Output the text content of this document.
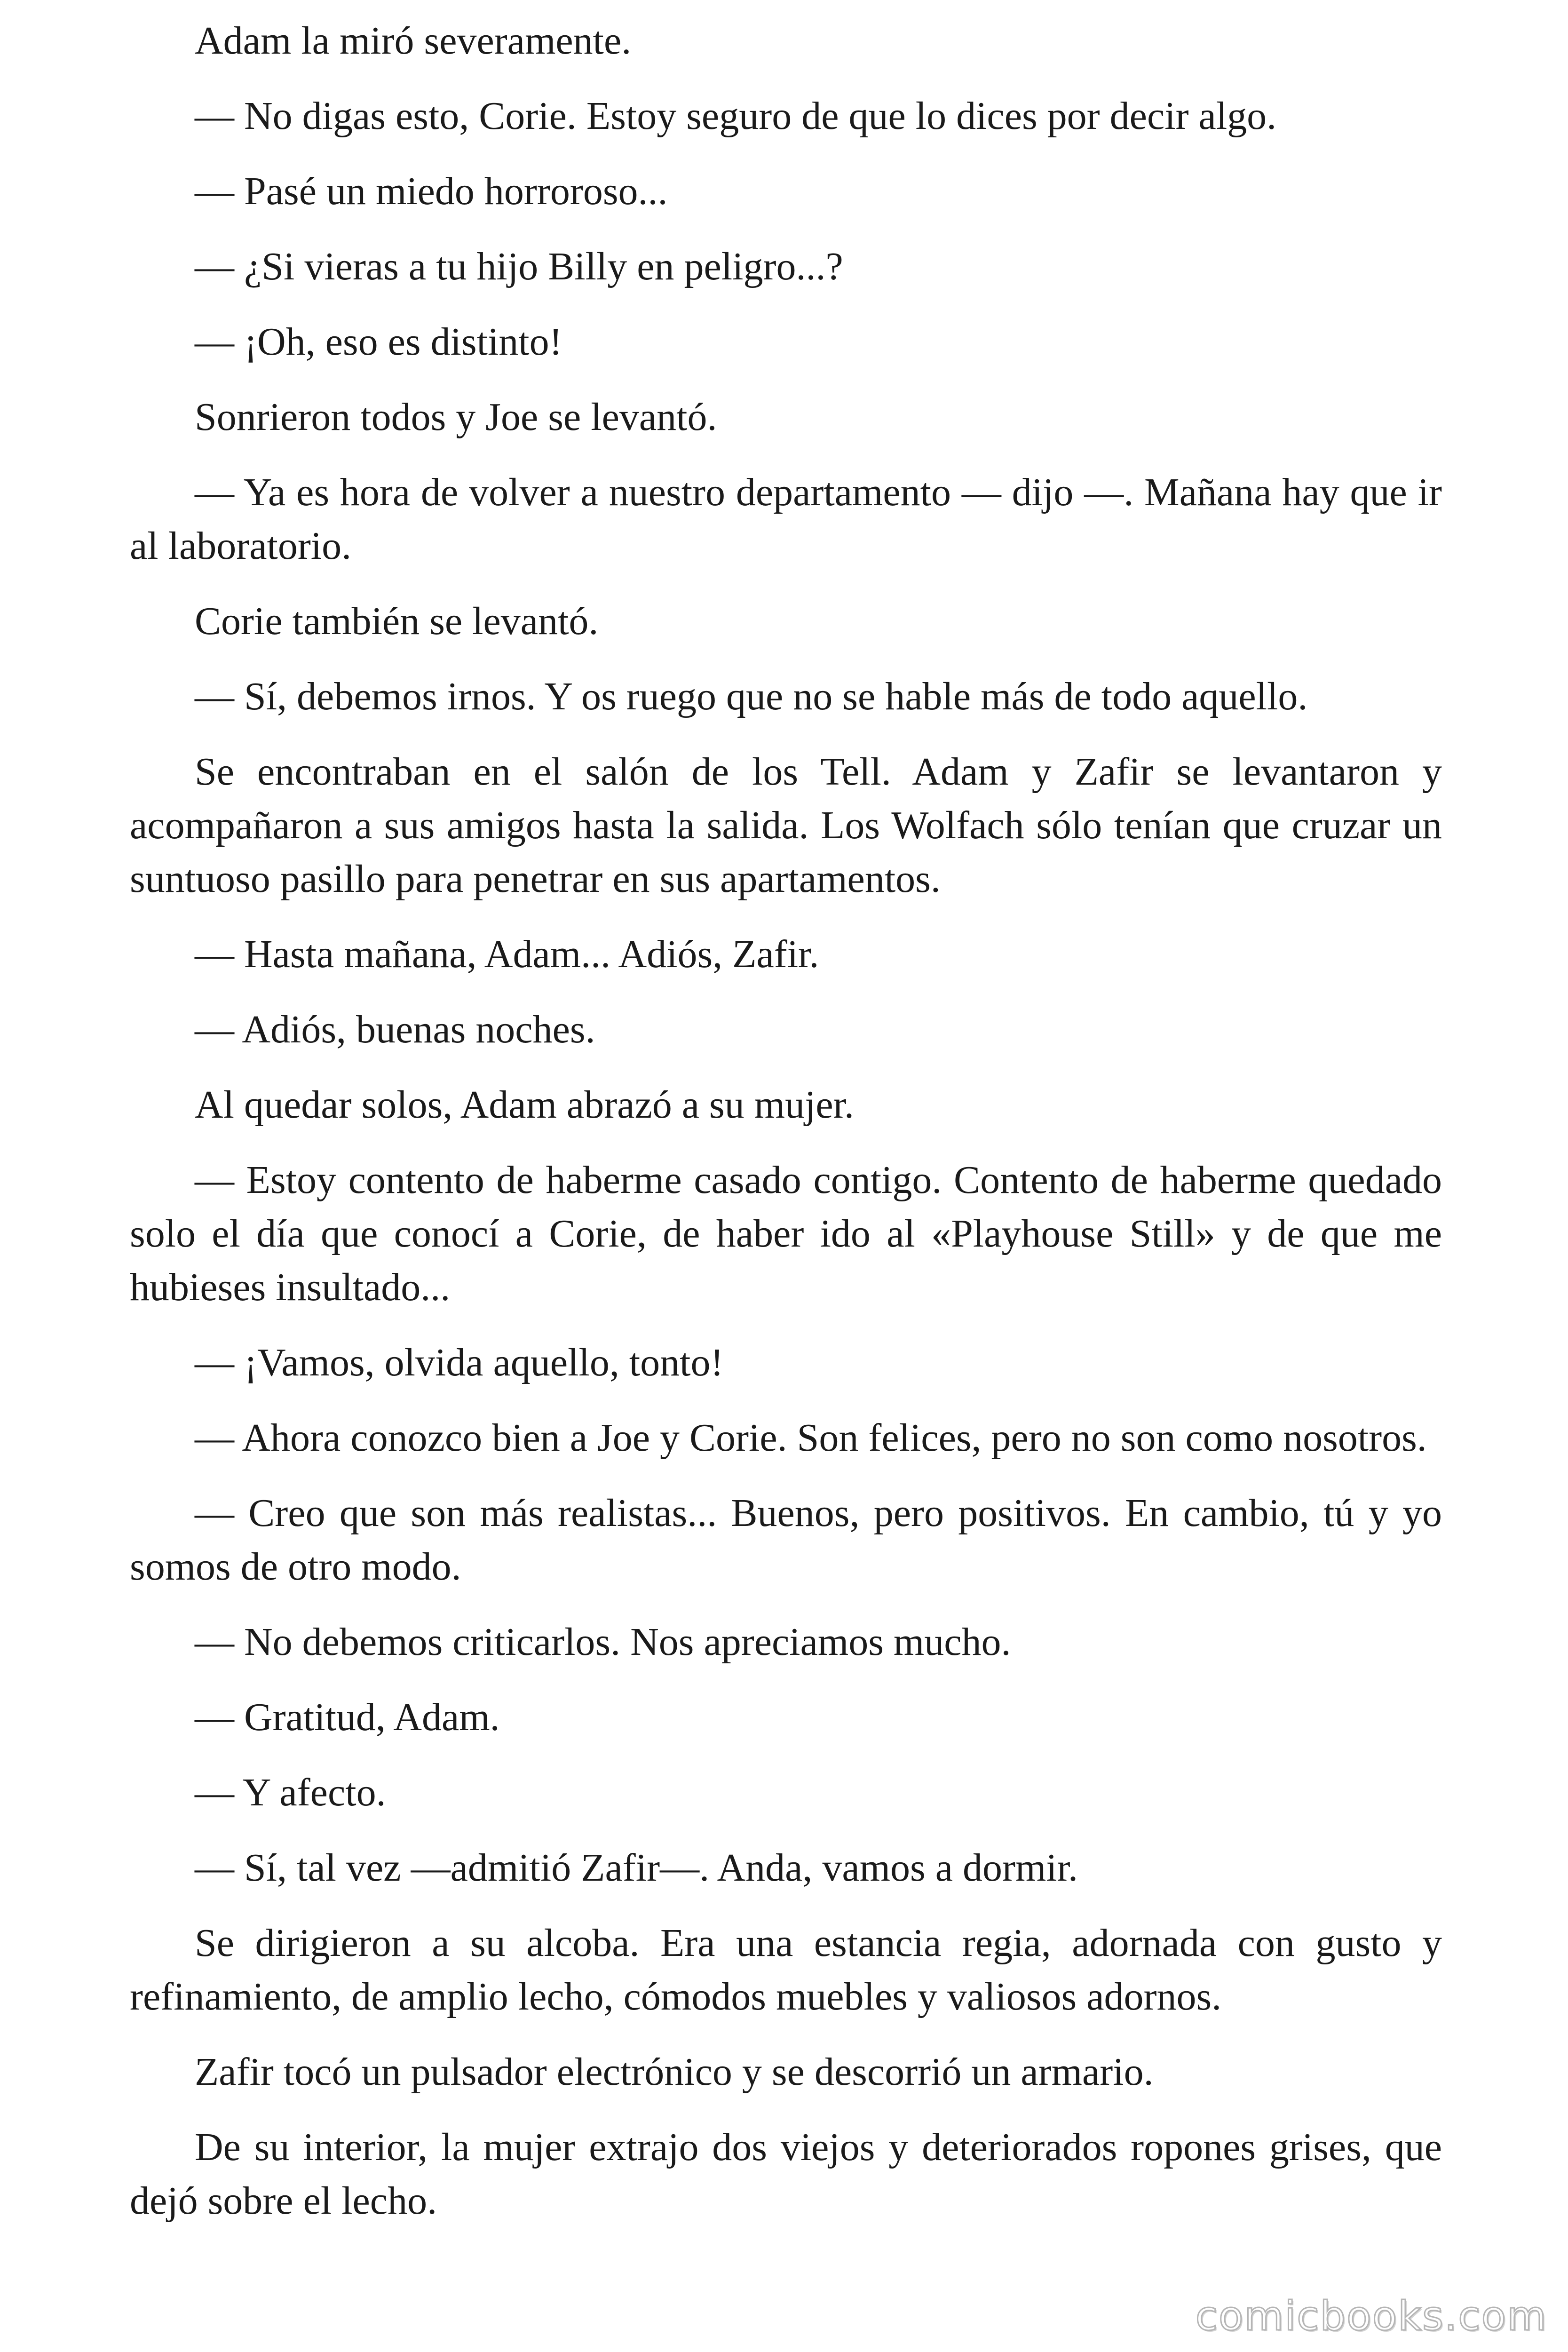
Adam la miró severamente.

— No digas esto, Corie. Estoy seguro de que lo dices por decir algo.

— Pasé un miedo horroroso...

— ¿Si vieras a tu hijo Billy en peligro...?

— ¡Oh, eso es distinto!

Sonrieron todos y Joe se levantó.

— Ya es hora de volver a nuestro departamento — dijo —. Mañana hay que ir al laboratorio.

Corie también se levantó.

— Sí, debemos irnos. Y os ruego que no se hable más de todo aquello.

Se encontraban en el salón de los Tell. Adam y Zafir se levantaron y acompañaron a sus amigos hasta la salida. Los Wolfach sólo tenían que cruzar un suntuoso pasillo para penetrar en sus apartamentos.

— Hasta mañana, Adam... Adiós, Zafir.

— Adiós, buenas noches.

Al quedar solos, Adam abrazó a su mujer.

— Estoy contento de haberme casado contigo. Contento de haberme quedado solo el día que conocí a Corie, de haber ido al «Playhouse Still» y de que me hubieses insultado...

— ¡Vamos, olvida aquello, tonto!

— Ahora conozco bien a Joe y Corie. Son felices, pero no son como nosotros.

— Creo que son más realistas... Buenos, pero positivos. En cambio, tú y yo somos de otro modo.

— No debemos criticarlos. Nos apreciamos mucho.

— Gratitud, Adam.

— Y afecto.

— Sí, tal vez —admitió Zafir—. Anda, vamos a dormir.

Se dirigieron a su alcoba. Era una estancia regia, adornada con gusto y refinamiento, de amplio lecho, cómodos muebles y valiosos adornos.

Zafir tocó un pulsador electrónico y se descorrió un armario.

De su interior, la mujer extrajo dos viejos y deteriorados ropones grises, que dejó sobre el lecho.

comicbooks.com
